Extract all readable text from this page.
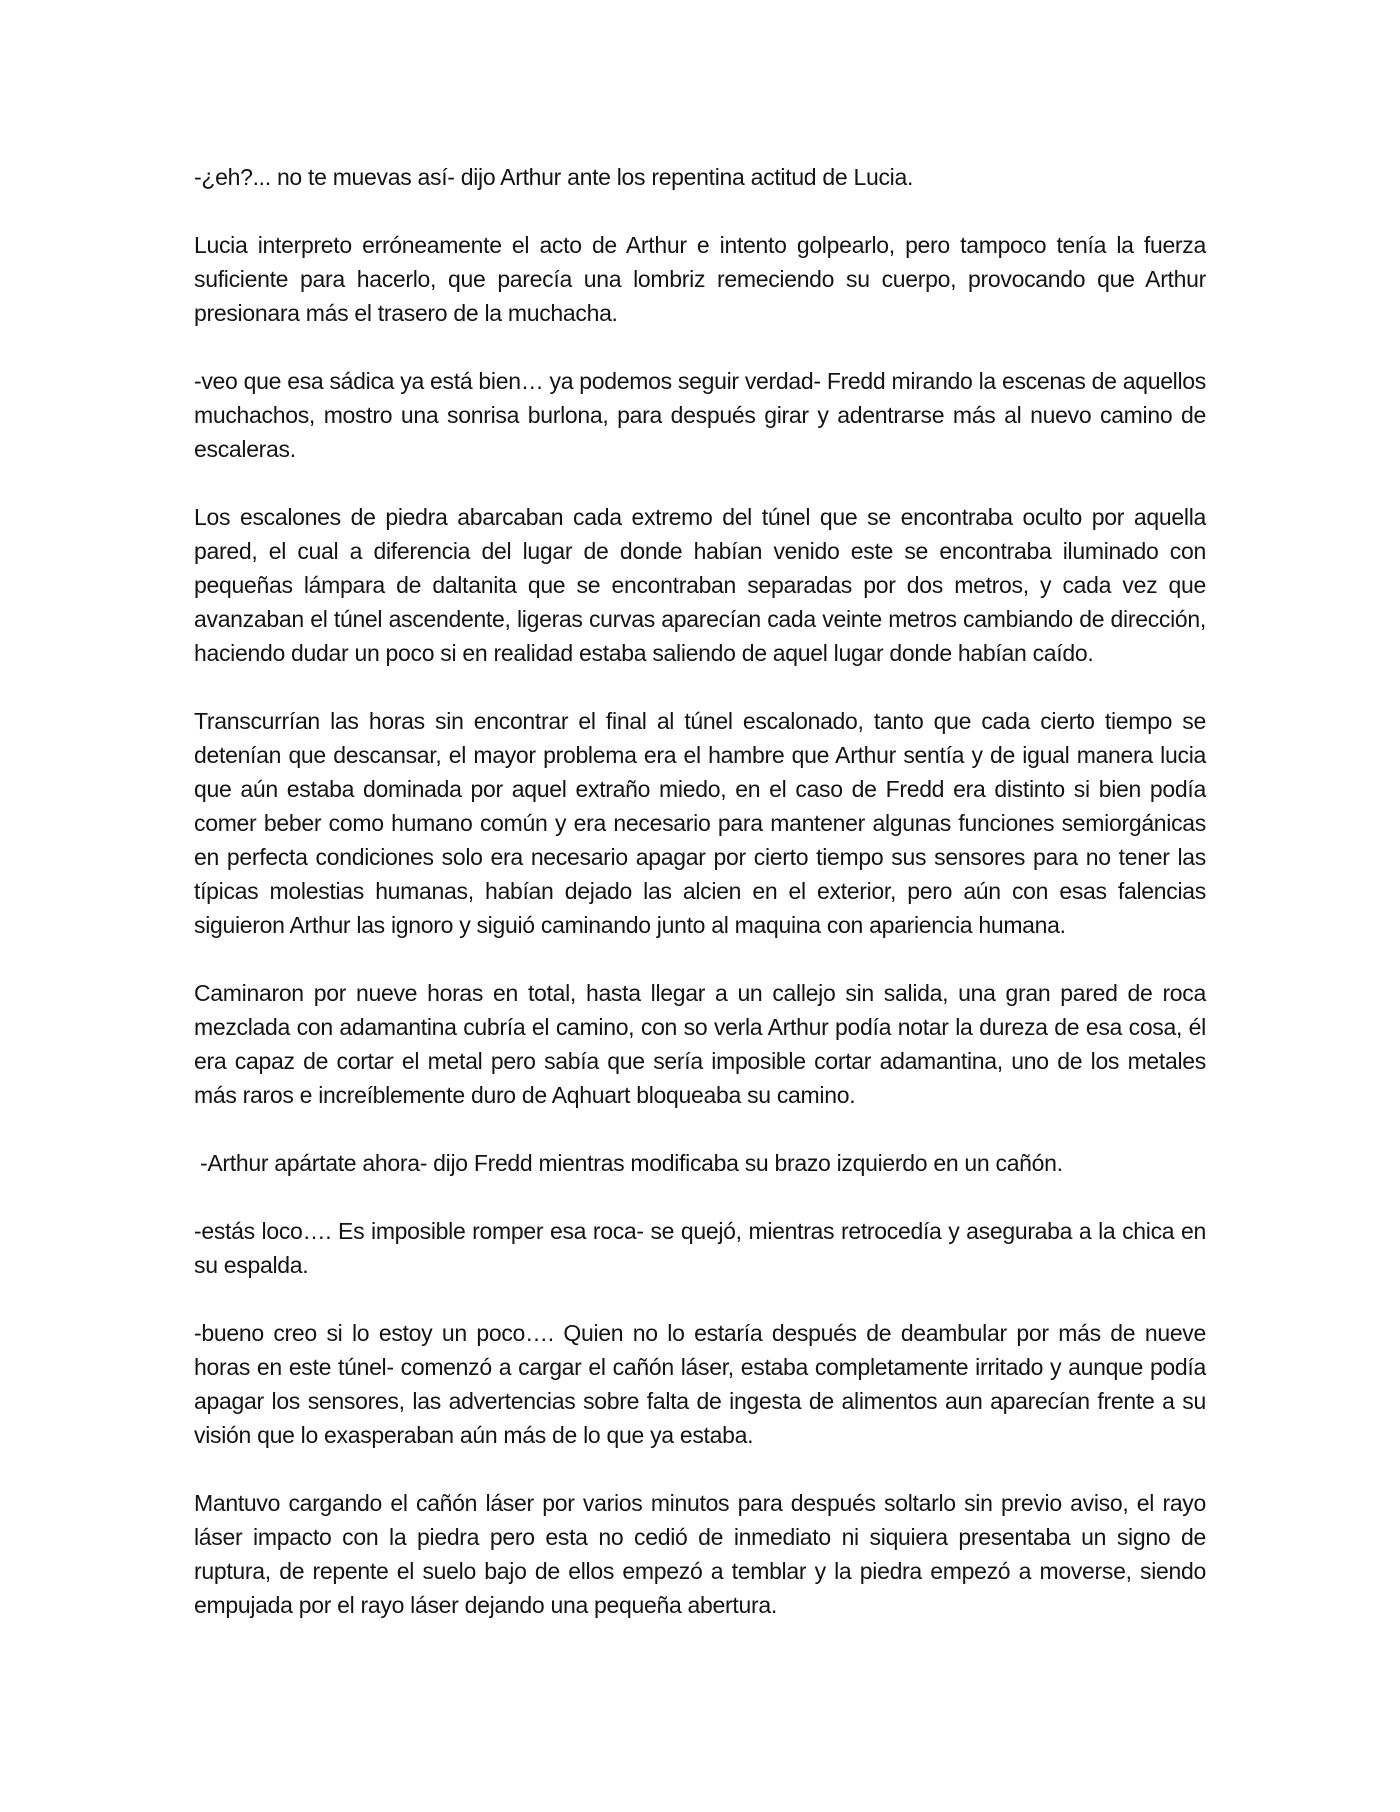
-¿eh?... no te muevas así- dijo Arthur ante los repentina actitud de Lucia.

Lucia interpreto erróneamente el acto de Arthur e intento golpearlo, pero tampoco tenía la fuerza suficiente para hacerlo, que parecía una lombriz remeciendo su cuerpo, provocando que Arthur presionara más el trasero de la muchacha.

-veo que esa sádica ya está bien… ya podemos seguir verdad- Fredd mirando la escenas de aquellos muchachos, mostro una sonrisa burlona, para después girar y adentrarse más al nuevo camino de escaleras.

Los escalones de piedra abarcaban cada extremo del túnel que se encontraba oculto por aquella pared, el cual a diferencia del lugar de donde habían venido este se encontraba iluminado con pequeñas lámpara de daltanita que se encontraban separadas por dos metros, y cada vez que avanzaban el túnel ascendente, ligeras curvas aparecían cada veinte metros cambiando de dirección, haciendo dudar un poco si en realidad estaba saliendo de aquel lugar donde habían caído.

Transcurrían las horas sin encontrar el final al túnel escalonado, tanto que cada cierto tiempo se detenían que descansar, el mayor problema era el hambre que Arthur sentía y de igual manera lucia que aún estaba dominada por aquel extraño miedo, en el caso de Fredd era distinto si bien podía comer beber como humano común y era necesario para mantener algunas funciones semiorgánicas en perfecta condiciones solo era necesario apagar por cierto tiempo sus sensores para no tener las típicas molestias humanas, habían dejado las alcien en el exterior, pero aún con esas falencias siguieron Arthur las ignoro y siguió caminando junto al maquina con apariencia humana.

Caminaron por nueve horas en total, hasta llegar a un callejo sin salida, una gran pared de roca mezclada con adamantina cubría el camino, con so verla Arthur podía notar la dureza de esa cosa, él era capaz de cortar el metal pero sabía que sería imposible cortar adamantina, uno de los metales más raros e increíblemente duro de Aqhuart bloqueaba su camino.

-Arthur apártate ahora- dijo Fredd mientras modificaba su brazo izquierdo en un cañón.

-estás loco…. Es imposible romper esa roca- se quejó, mientras retrocedía y aseguraba a la chica en su espalda.

-bueno creo si lo estoy un poco…. Quien no lo estaría después de deambular por más de nueve horas en este túnel- comenzó a cargar el cañón láser, estaba completamente irritado y aunque podía apagar los sensores, las advertencias sobre falta de ingesta de alimentos aun aparecían frente a su visión que lo exasperaban aún más de lo que ya estaba.

Mantuvo cargando el cañón láser por varios minutos para después soltarlo sin previo aviso, el rayo láser impacto con la piedra pero esta no cedió de inmediato ni siquiera presentaba un signo de ruptura, de repente el suelo bajo de ellos empezó a temblar y la piedra empezó a moverse, siendo empujada por el rayo láser dejando una pequeña abertura.
